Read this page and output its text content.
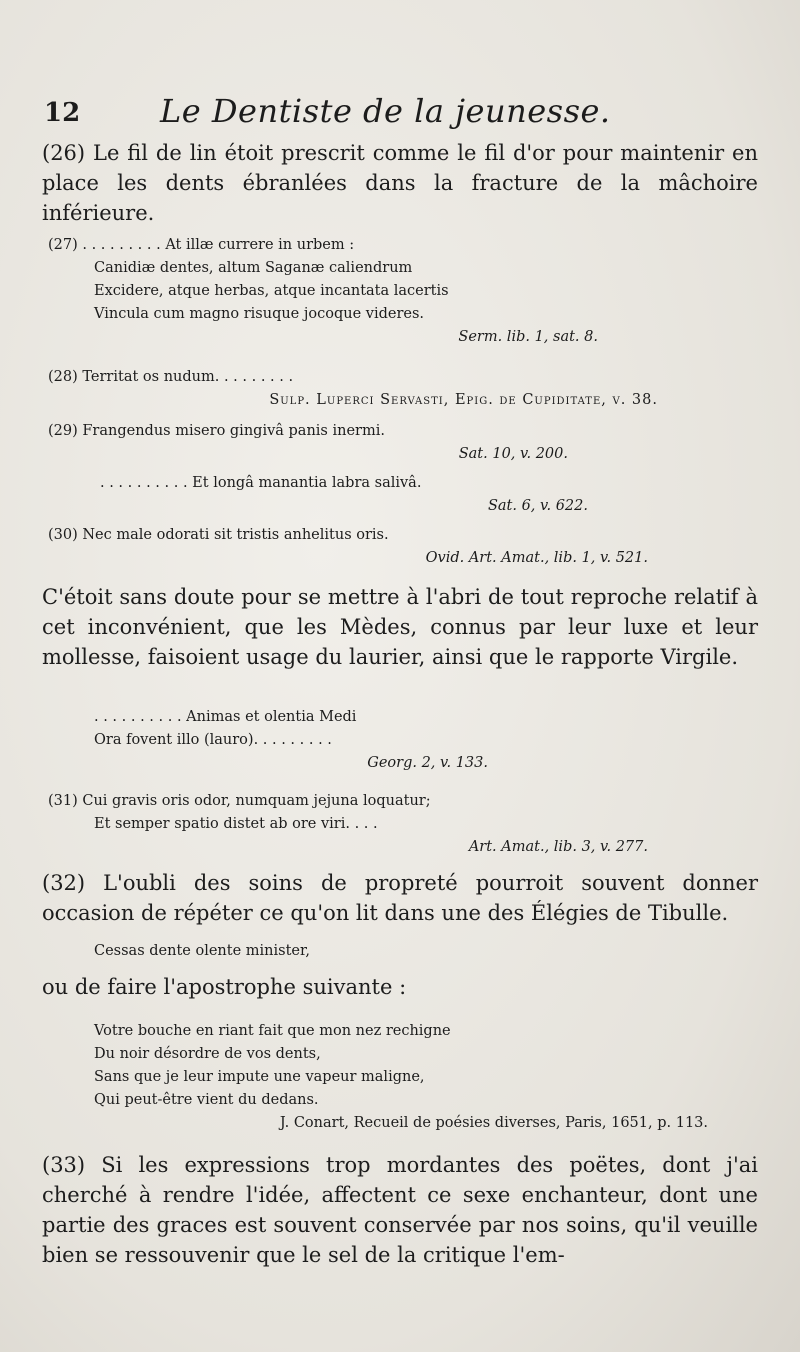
12 Le Dentiste de la jeunesse.
(26) Le fil de lin étoit prescrit comme le fil d'or pour maintenir en place les dents ébranlées dans la fracture de la mâchoire inférieure.
(27) . . . . . . . . . At illæ currere in urbem :
Canidiæ dentes, altum Saganæ caliendrum
Excidere, atque herbas, atque incantata lacertis
Vincula cum magno risuque jocoque videres.
Serm. lib. 1, sat. 8.
(28) Territat os nudum. . . . . . . . .
Sulp. Luperci Servasti, Epig. de Cupiditate, v. 38.
(29) Frangendus misero gingivâ panis inermi.
Sat. 10, v. 200.
. . . . . . . . . . Et longâ manantia labra salivâ.
Sat. 6, v. 622.
(30) Nec male odorati sit tristis anhelitus oris.
Ovid. Art. Amat., lib. 1, v. 521.
C'étoit sans doute pour se mettre à l'abri de tout reproche relatif à cet inconvénient, que les Mèdes, connus par leur luxe et leur mollesse, faisoient usage du laurier, ainsi que le rapporte Virgile.
. . . . . . . . . . Animas et olentia Medi
Ora fovent illo (lauro). . . . . . . . .
Georg. 2, v. 133.
(31) Cui gravis oris odor, numquam jejuna loquatur;
Et semper spatio distet ab ore viri. . . .
Art. Amat., lib. 3, v. 277.
(32) L'oubli des soins de propreté pourroit souvent donner occasion de répéter ce qu'on lit dans une des Élégies de Tibulle.
Cessas dente olente minister,
ou de faire l'apostrophe suivante :
Votre bouche en riant fait que mon nez rechigne
Du noir désordre de vos dents,
Sans que je leur impute une vapeur maligne,
Qui peut-être vient du dedans.
J. Conart, Recueil de poésies diverses, Paris, 1651, p. 113.
(33) Si les expressions trop mordantes des poëtes, dont j'ai cherché à rendre l'idée, affectent ce sexe enchanteur, dont une partie des graces est souvent conservée par nos soins, qu'il veuille bien se ressouvenir que le sel de la critique l'em-
